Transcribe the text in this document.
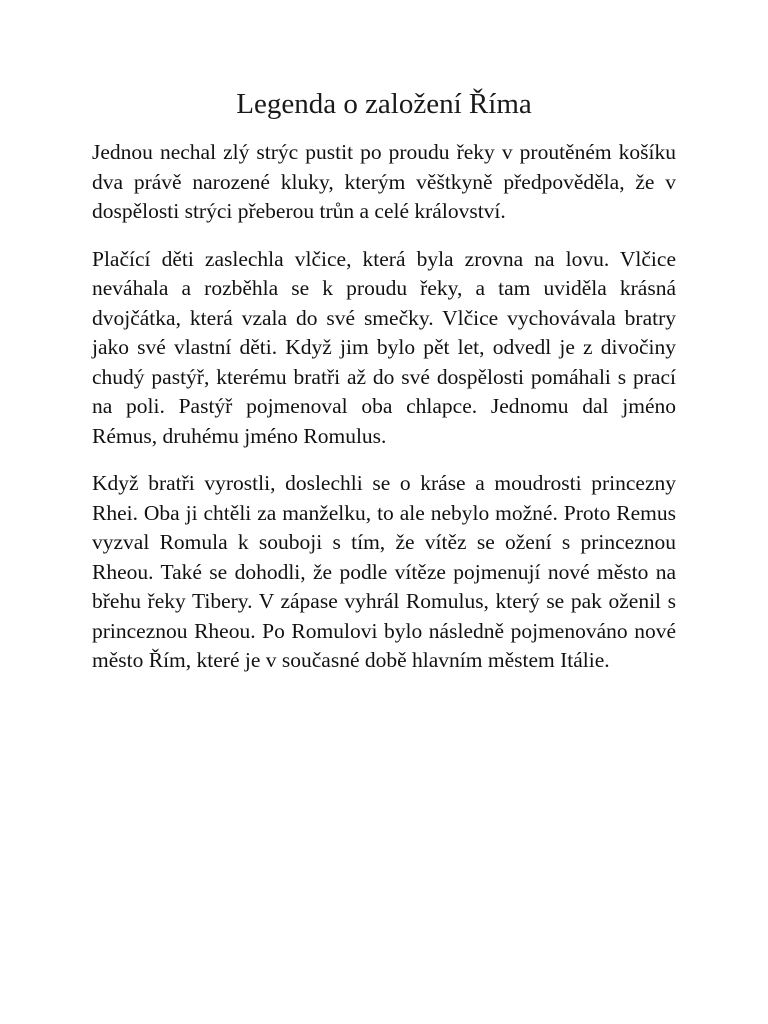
Legenda o založení Říma

Jednou nechal zlý strýc pustit po proudu řeky v proutěném košíku dva právě narozené kluky, kterým věštkyně předpověděla, že v dospělosti strýci přeberou trůn a celé království.

Plačící děti zaslechla vlčice, která byla zrovna na lovu. Vlčice neváhala a rozběhla se k proudu řeky, a tam uviděla krásná dvojčátka, která vzala do své smečky. Vlčice vychovávala bratry jako své vlastní děti. Když jim bylo pět let, odvedl je z divočiny chudý pastýř, kterému bratři až do své dospělosti pomáhali s prací na poli. Pastýř pojmenoval oba chlapce. Jednomu dal jméno Rémus, druhému jméno Romulus.

Když bratři vyrostli, doslechli se o kráse a moudrosti princezny Rhei. Oba ji chtěli za manželku, to ale nebylo možné. Proto Remus vyzval Romula k souboji s tím, že vítěz se ožení s princeznou Rheou. Také se dohodli, že podle vítěze pojmenují nové město na břehu řeky Tibery. V zápase vyhrál Romulus, který se pak oženil s princeznou Rheou. Po Romulovi bylo následně pojmenováno nové město Řím, které je v současné době hlavním městem Itálie.
